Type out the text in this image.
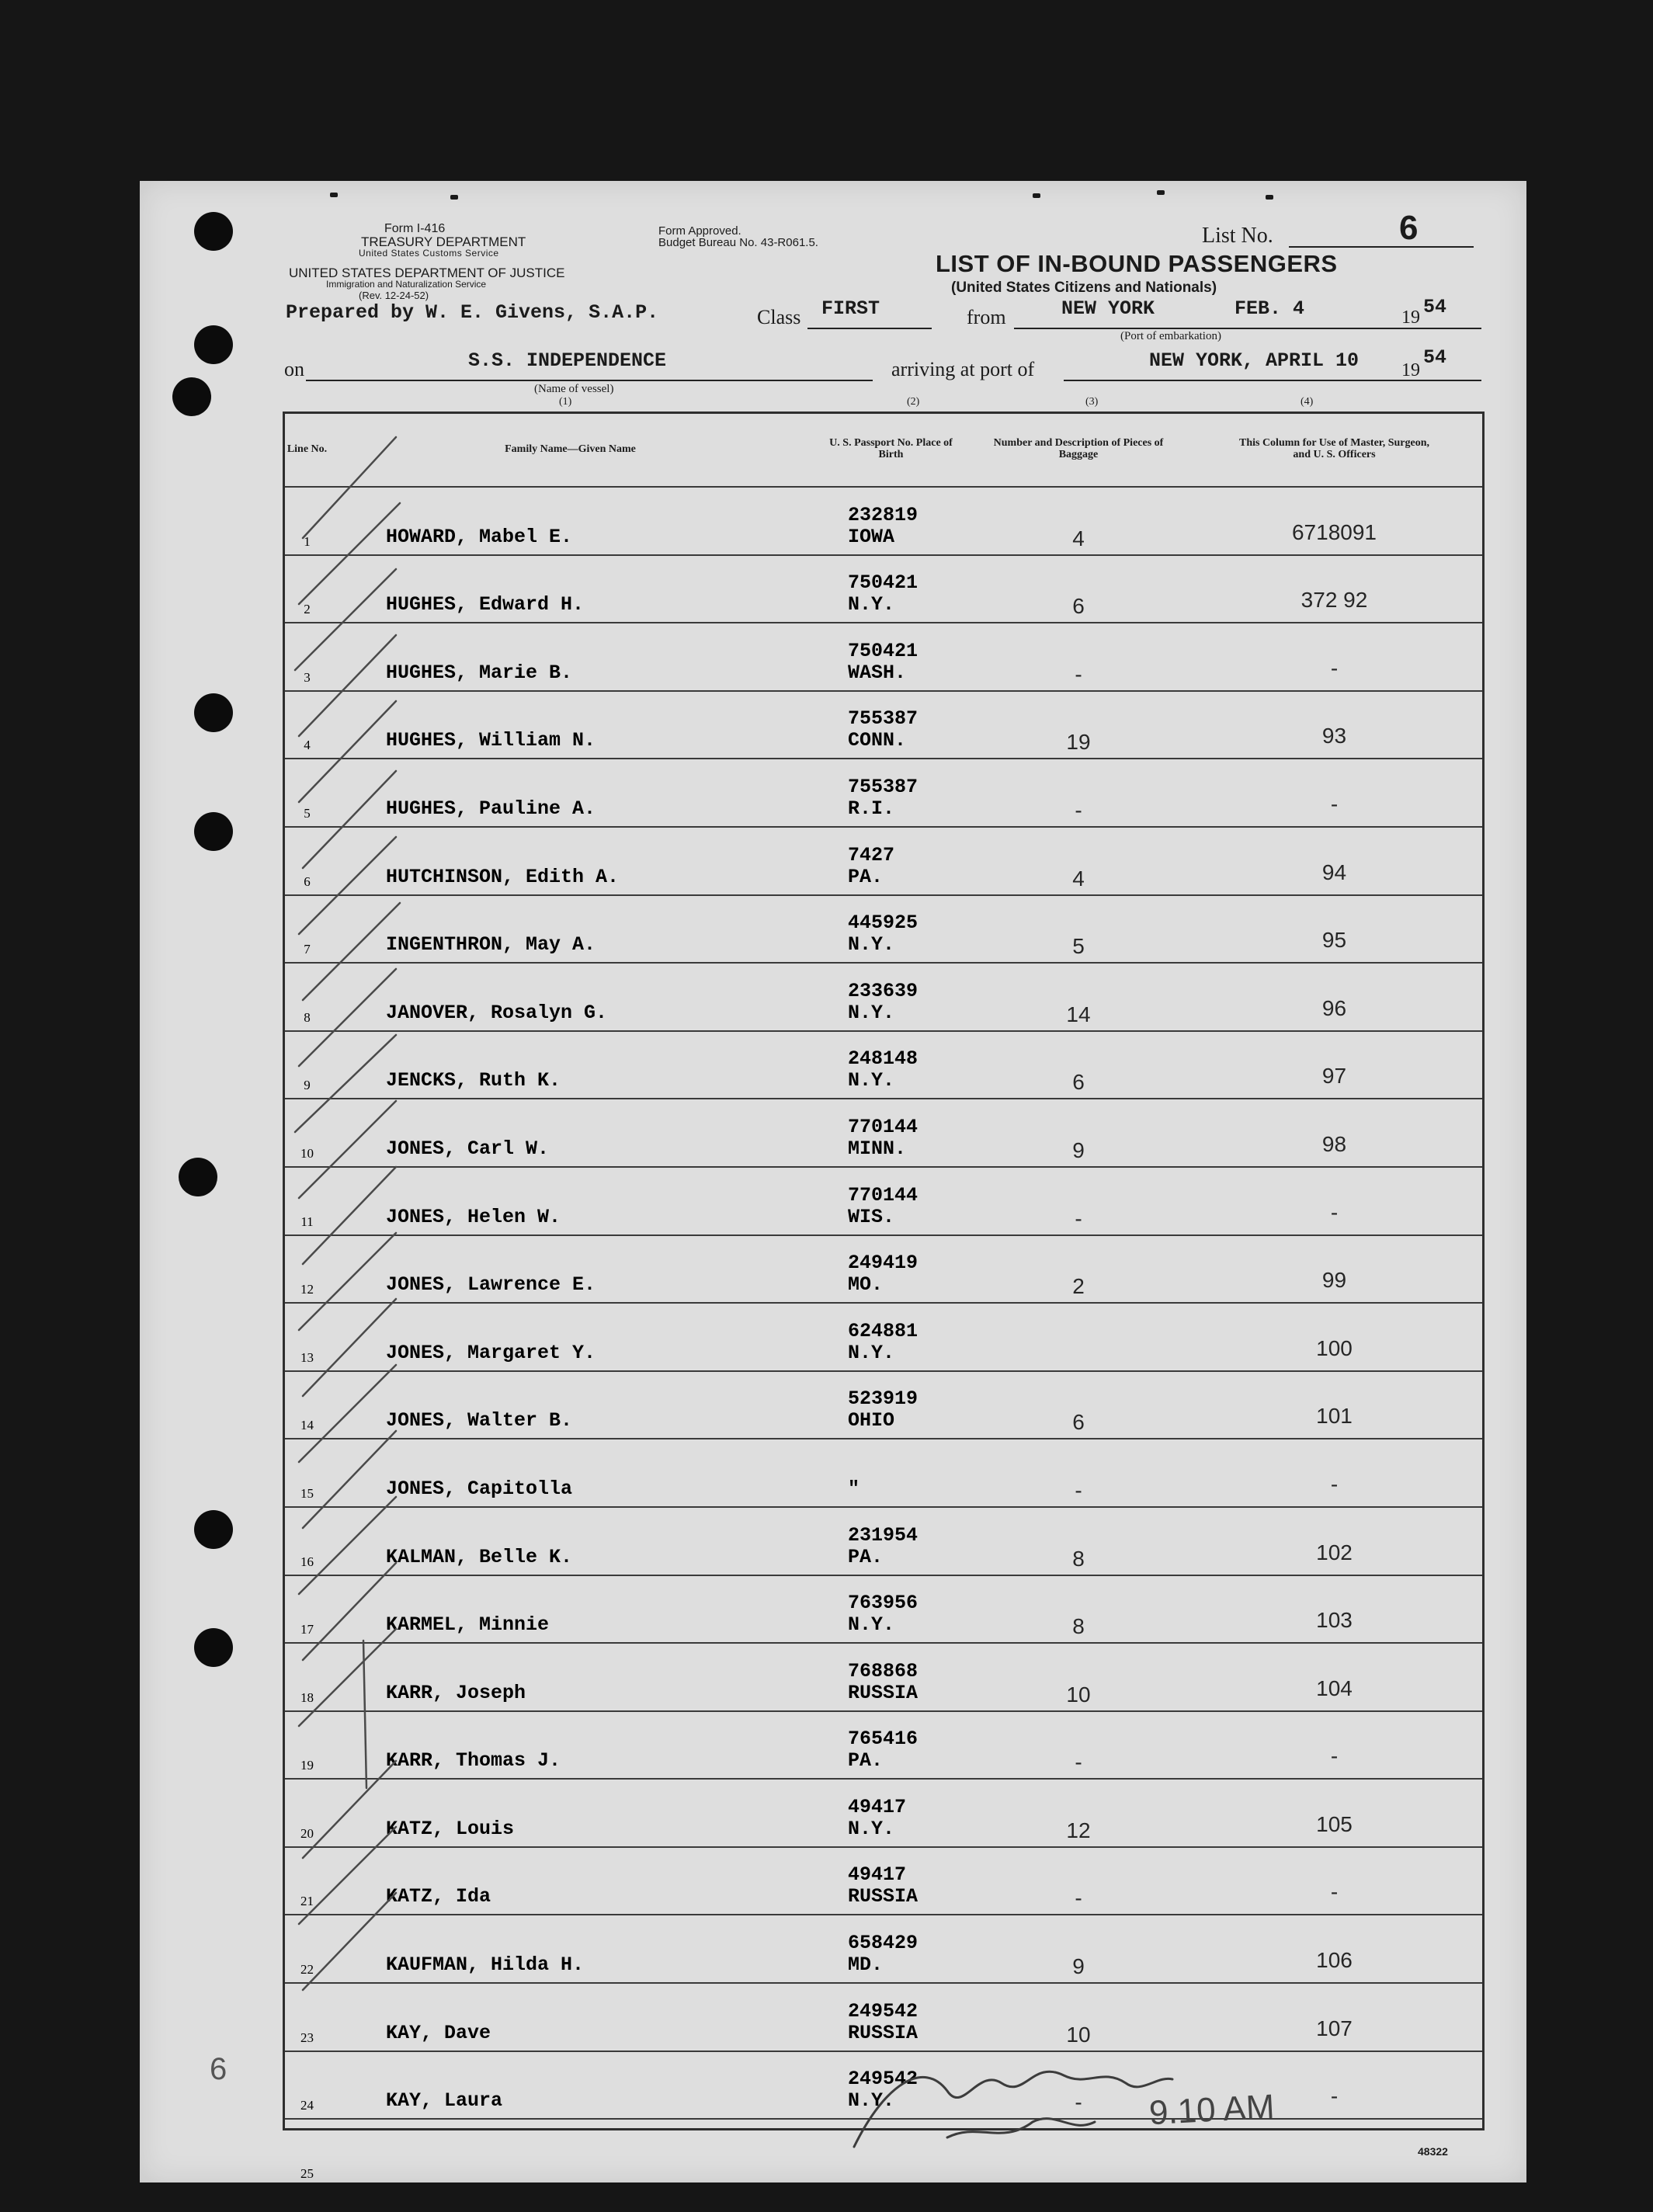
Form I-416
TREASURY DEPARTMENT
United States Customs Service
Form Approved.
Budget Bureau No. 43-R061.5.
UNITED STATES DEPARTMENT OF JUSTICE
Immigration and Naturalization Service
(Rev. 12-24-52)
List No.	6
LIST OF IN-BOUND PASSENGERS
(United States Citizens and Nationals)
Prepared by W. E. Givens, S.A.P.	Class FIRST	from	NEW YORK	FEB. 4	19 54
(Port of embarkation)
on	S.S. INDEPENDENCE
(Name of vessel)
arriving at port of	NEW YORK, APRIL 10 19
54
(1)	(2)	(3)	(4)
Line No.	Family Name—Given Name	U. S. Passport No. Place of Birth	Number and Description of Pieces of Baggage	This Column for Use of Master, Surgeon, and U. S. Officers

1	HOWARD, Mabel E.	232819
IOWA	4	6718091

2	HUGHES, Edward H.	750421
N.Y.	6	372 92

3	HUGHES, Marie B.	750421
WASH.	-	-

4	HUGHES, William N.	755387
CONN.	19	93

5	HUGHES, Pauline A.	755387
R.I.	-	-

6	HUTCHINSON, Edith A.	7427
PA.	4	94

7	INGENTHRON, May A.	445925
N.Y.	5	95

8	JANOVER, Rosalyn G.	233639
N.Y.	14	96

9	JENCKS, Ruth K.	248148
N.Y.	6	97

10	JONES, Carl W.	770144
MINN.	9	98

11	JONES, Helen W.	770144
WIS.	-	-

12	JONES, Lawrence E.	249419
MO.	2	99

13	JONES, Margaret Y.	624881
N.Y.		100

14	JONES, Walter B.	523919
OHIO	6	101

15	JONES, Capitolla	"	-	-

16	KALMAN, Belle K.	231954
PA.	8	102

17	KARMEL, Minnie	763956
N.Y.	8	103

18	KARR, Joseph	768868
RUSSIA	10	104

19	KARR, Thomas J.	765416
PA.	-	-

20	KATZ, Louis	49417
N.Y.	12	105

21	KATZ, Ida	49417
RUSSIA	-	-

22	KAUFMAN, Hilda H.	658429
MD.	9	106

23	KAY, Dave	249542
RUSSIA	10	107

24	KAY, Laura	249542
N.Y.	-	-

25				

6
9.10 AM
48322
